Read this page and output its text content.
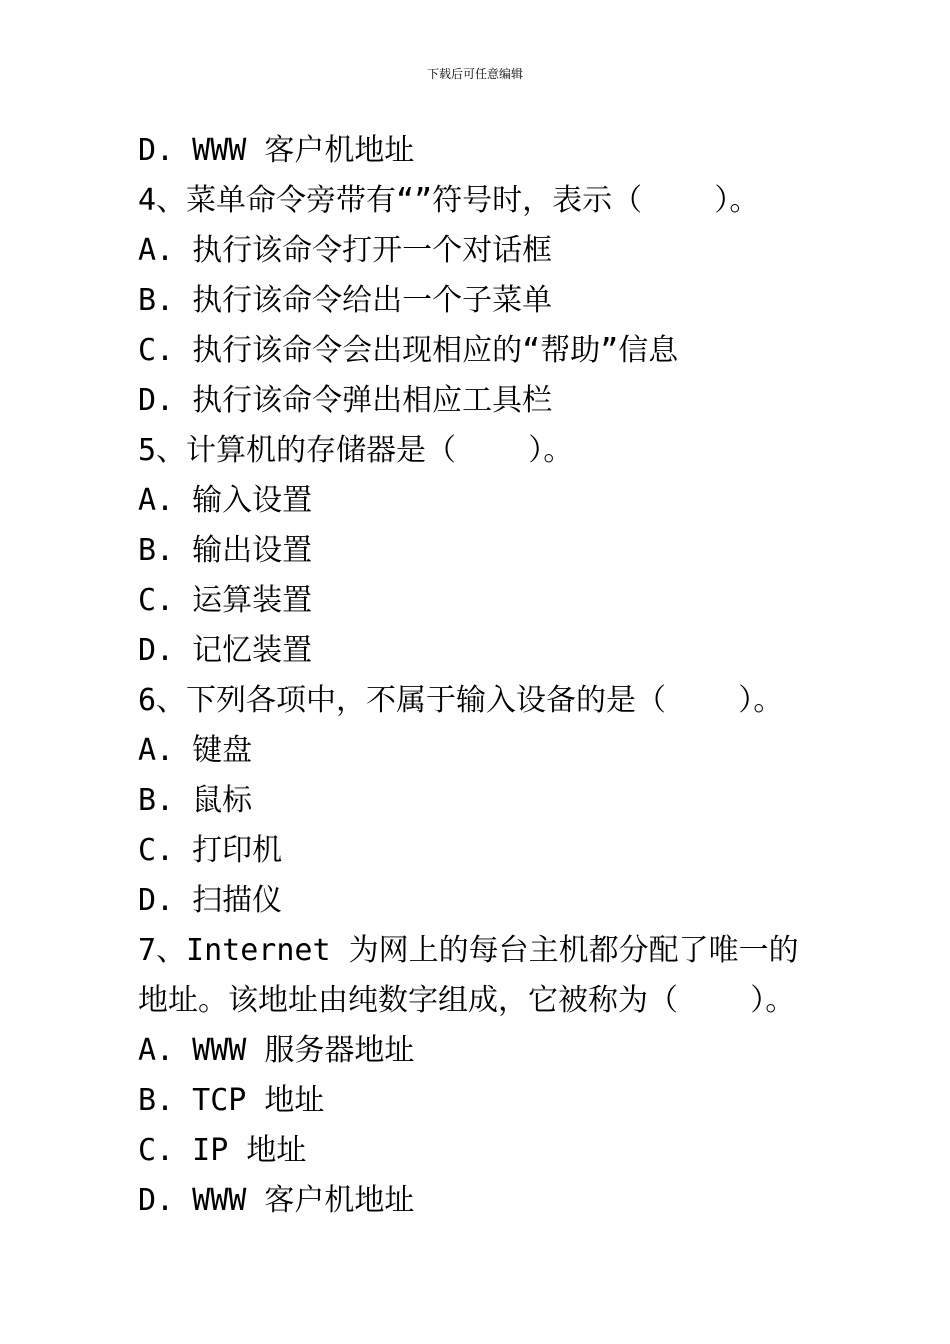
下载后可任意编辑
D. WWW 客户机地址
4、菜单命令旁带有“”符号时，表示（    ）。
A. 执行该命令打开一个对话框
B. 执行该命令给出一个子菜单
C. 执行该命令会出现相应的“帮助”信息
D. 执行该命令弹出相应工具栏
5、计算机的存储器是（    ）。
A. 输入设置
B. 输出设置
C. 运算装置
D. 记忆装置
6、下列各项中，不属于输入设备的是（    ）。
A. 键盘
B. 鼠标
C. 打印机
D. 扫描仪
7、Internet 为网上的每台主机都分配了唯一的
地址。该地址由纯数字组成，它被称为（    ）。
A. WWW 服务器地址
B. TCP 地址
C. IP 地址
D. WWW 客户机地址
